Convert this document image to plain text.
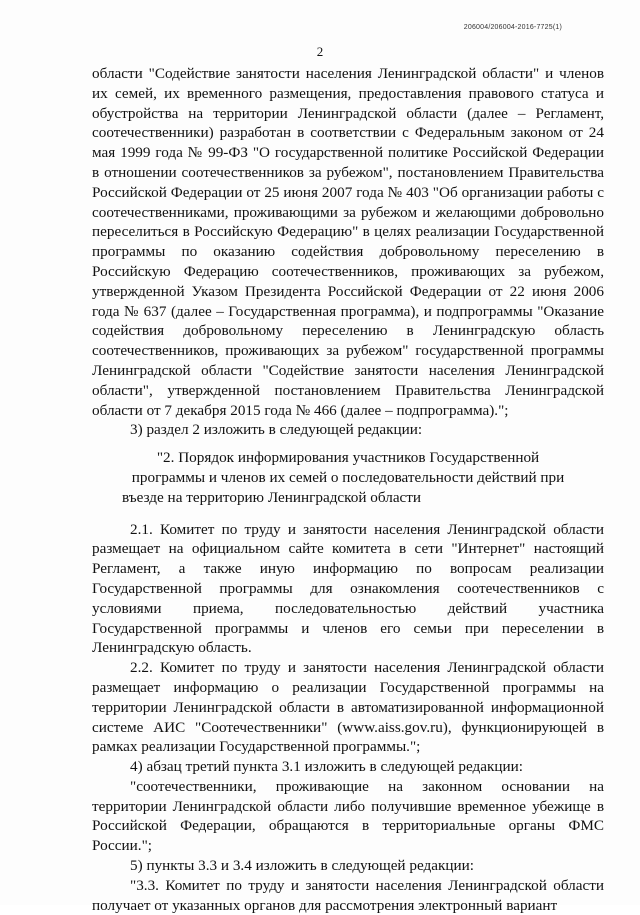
206004/206004-2016-7725(1)
2

области "Содействие занятости населения Ленинградской области" и членов их семей, их временного размещения, предоставления правового статуса и обустройства на территории Ленинградской области (далее – Регламент, соотечественники) разработан в соответствии с Федеральным законом от 24 мая 1999 года № 99-ФЗ "О государственной политике Российской Федерации в отношении соотечественников за рубежом", постановлением Правительства Российской Федерации от 25 июня 2007 года № 403 "Об организации работы с соотечественниками, проживающими за рубежом и желающими добровольно переселиться в Российскую Федерацию" в целях реализации Государственной программы по оказанию содействия добровольному переселению в Российскую Федерацию соотечественников, проживающих за рубежом, утвержденной Указом Президента Российской Федерации от 22 июня 2006 года № 637 (далее – Государственная программа), и подпрограммы "Оказание содействия добровольному переселению в Ленинградскую область соотечественников, проживающих за рубежом" государственной программы Ленинградской области "Содействие занятости населения Ленинградской области", утвержденной постановлением Правительства Ленинградской области от 7 декабря 2015 года № 466 (далее – подпрограмма).";

3) раздел 2 изложить в следующей редакции:

"2. Порядок информирования участников Государственной программы и членов их семей о последовательности действий при въезде на территорию Ленинградской области

2.1. Комитет по труду и занятости населения Ленинградской области размещает на официальном сайте комитета в сети "Интернет" настоящий Регламент, а также иную информацию по вопросам реализации Государственной программы для ознакомления соотечественников с условиями приема, последовательностью действий участника Государственной программы и членов его семьи при переселении в Ленинградскую область.

2.2. Комитет по труду и занятости населения Ленинградской области размещает информацию о реализации Государственной программы на территории Ленинградской области в автоматизированной информационной системе АИС "Соотечественники" (www.aiss.gov.ru), функционирующей в рамках реализации Государственной программы.";

4) абзац третий пункта 3.1 изложить в следующей редакции:

"соотечественники, проживающие на законном основании на территории Ленинградской области либо получившие временное убежище в Российской Федерации, обращаются в территориальные органы ФМС России.";

5) пункты 3.3 и 3.4 изложить в следующей редакции:

"3.3. Комитет по труду и занятости населения Ленинградской области получает от указанных органов для рассмотрения электронный вариант
